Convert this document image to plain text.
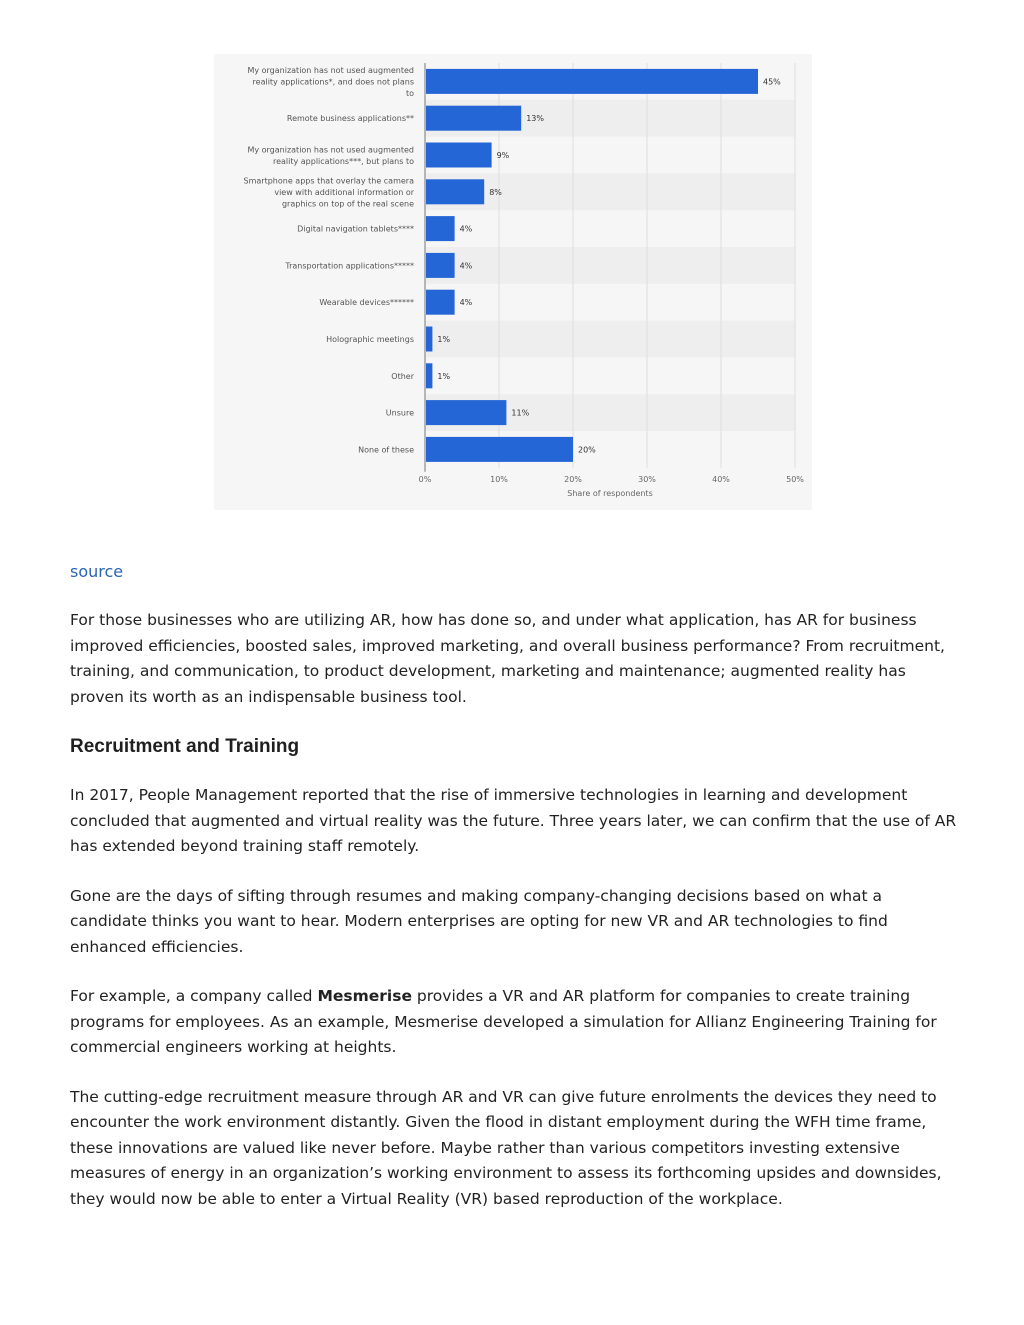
0%	10%	20%	30%	40%	50%
45%
My organization has not used augmented reality applications*, and does not plans to
13%
Remote business applications**
9%
My organization has not used augmented reality applications***, but plans to
8%
Smartphone apps that overlay the camera view with additional information or graphics on top of the real scene
4%
Digital navigation tablets****
4%
Transportation applications*****
4%
Wearable devices******
1%
Holographic meetings
1%
Other
11%
Unsure
20%
None of these
Share of respondents
source

For those businesses who are utilizing AR, how has done so, and under what application, has AR for business improved efficiencies, boosted sales, improved marketing, and overall business performance? From recruitment, training, and communication, to product development, marketing and maintenance; augmented reality has proven its worth as an indispensable business tool.

Recruitment and Training

In 2017, People Management reported that the rise of immersive technologies in learning and development concluded that augmented and virtual reality was the future. Three years later, we can confirm that the use of AR has extended beyond training staff remotely.

Gone are the days of sifting through resumes and making company-changing decisions based on what a candidate thinks you want to hear. Modern enterprises are opting for new VR and AR technologies to find enhanced efficiencies.

For example, a company called Mesmerise provides a VR and AR platform for companies to create training programs for employees. As an example, Mesmerise developed a simulation for Allianz Engineering Training for commercial engineers working at heights.

The cutting-edge recruitment measure through AR and VR can give future enrolments the devices they need to encounter the work environment distantly. Given the flood in distant employment during the WFH time frame, these innovations are valued like never before. Maybe rather than various competitors investing extensive measures of energy in an organization’s working environment to assess its forthcoming upsides and downsides, they would now be able to enter a Virtual Reality (VR) based reproduction of the workplace.
